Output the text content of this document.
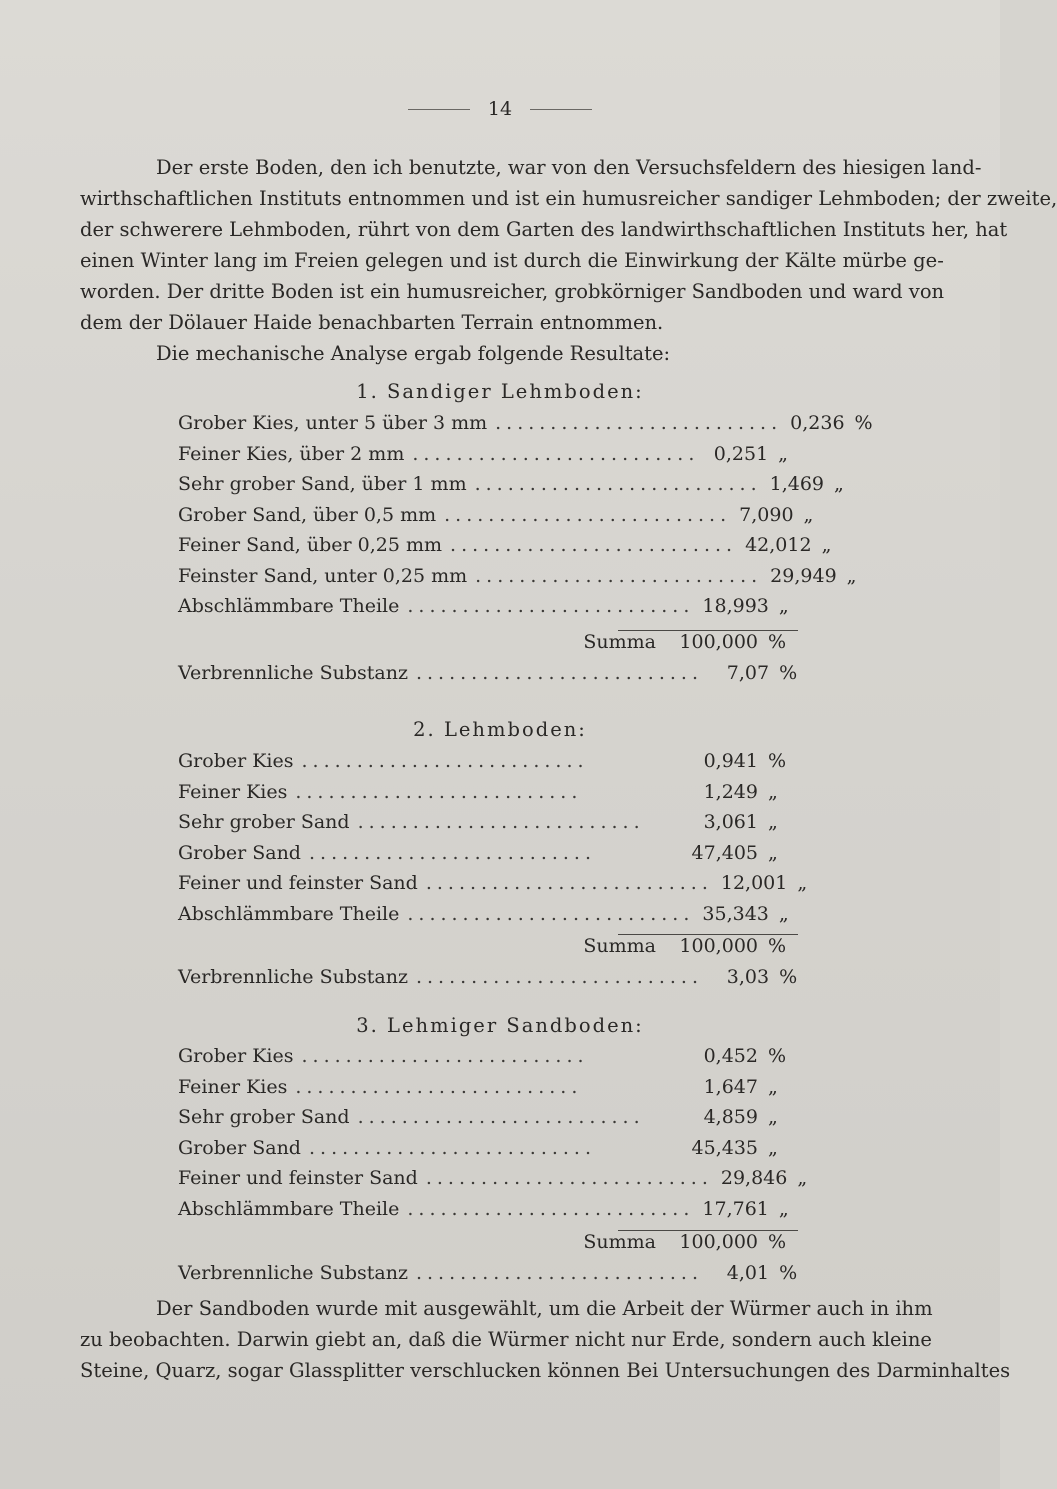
14
Der erste Boden, den ich benutzte, war von den Versuchsfeldern des hiesigen land-
wirthschaftlichen Instituts entnommen und ist ein humusreicher sandiger Lehmboden; der zweite,
der schwerere Lehmboden, rührt von dem Garten des landwirthschaftlichen Instituts her, hat
einen Winter lang im Freien gelegen und ist durch die Einwirkung der Kälte mürbe ge-
worden. Der dritte Boden ist ein humusreicher, grobkörniger Sandboden und ward von
dem der Dölauer Haide benachbarten Terrain entnommen.
Die mechanische Analyse ergab folgende Resultate:
1. Sandiger Lehmboden:
Grober Kies, unter 5 über 3 mm .......................... 0,236 %
Feiner Kies, über 2 mm .......................... 0,251 „
Sehr grober Sand, über 1 mm .......................... 1,469 „
Grober Sand, über 0,5 mm .......................... 7,090 „
Feiner Sand, über 0,25 mm .......................... 42,012 „
Feinster Sand, unter 0,25 mm .......................... 29,949 „
Abschlämmbare Theile .......................... 18,993 „
Summa	100,000 %
Verbrennliche Substanz ..........................	7,07 %
2. Lehmboden:
Grober Kies ..........................	0,941 %
Feiner Kies ..........................	1,249 „
Sehr grober Sand ..........................	3,061 „
Grober Sand ..........................	47,405 „
Feiner und feinster Sand .......................... 12,001 „
Abschlämmbare Theile .......................... 35,343 „
Summa	100,000 %
Verbrennliche Substanz ..........................	3,03 %
3. Lehmiger Sandboden:
Grober Kies ..........................	0,452 %
Feiner Kies ..........................	1,647 „
Sehr grober Sand ..........................	4,859 „
Grober Sand ..........................	45,435 „
Feiner und feinster Sand .......................... 29,846 „
Abschlämmbare Theile .......................... 17,761 „
Summa	100,000 %
Verbrennliche Substanz ..........................	4,01 %
Der Sandboden wurde mit ausgewählt, um die Arbeit der Würmer auch in ihm
zu beobachten. Darwin giebt an, daß die Würmer nicht nur Erde, sondern auch kleine
Steine, Quarz, sogar Glassplitter verschlucken können Bei Untersuchungen des Darminhaltes
